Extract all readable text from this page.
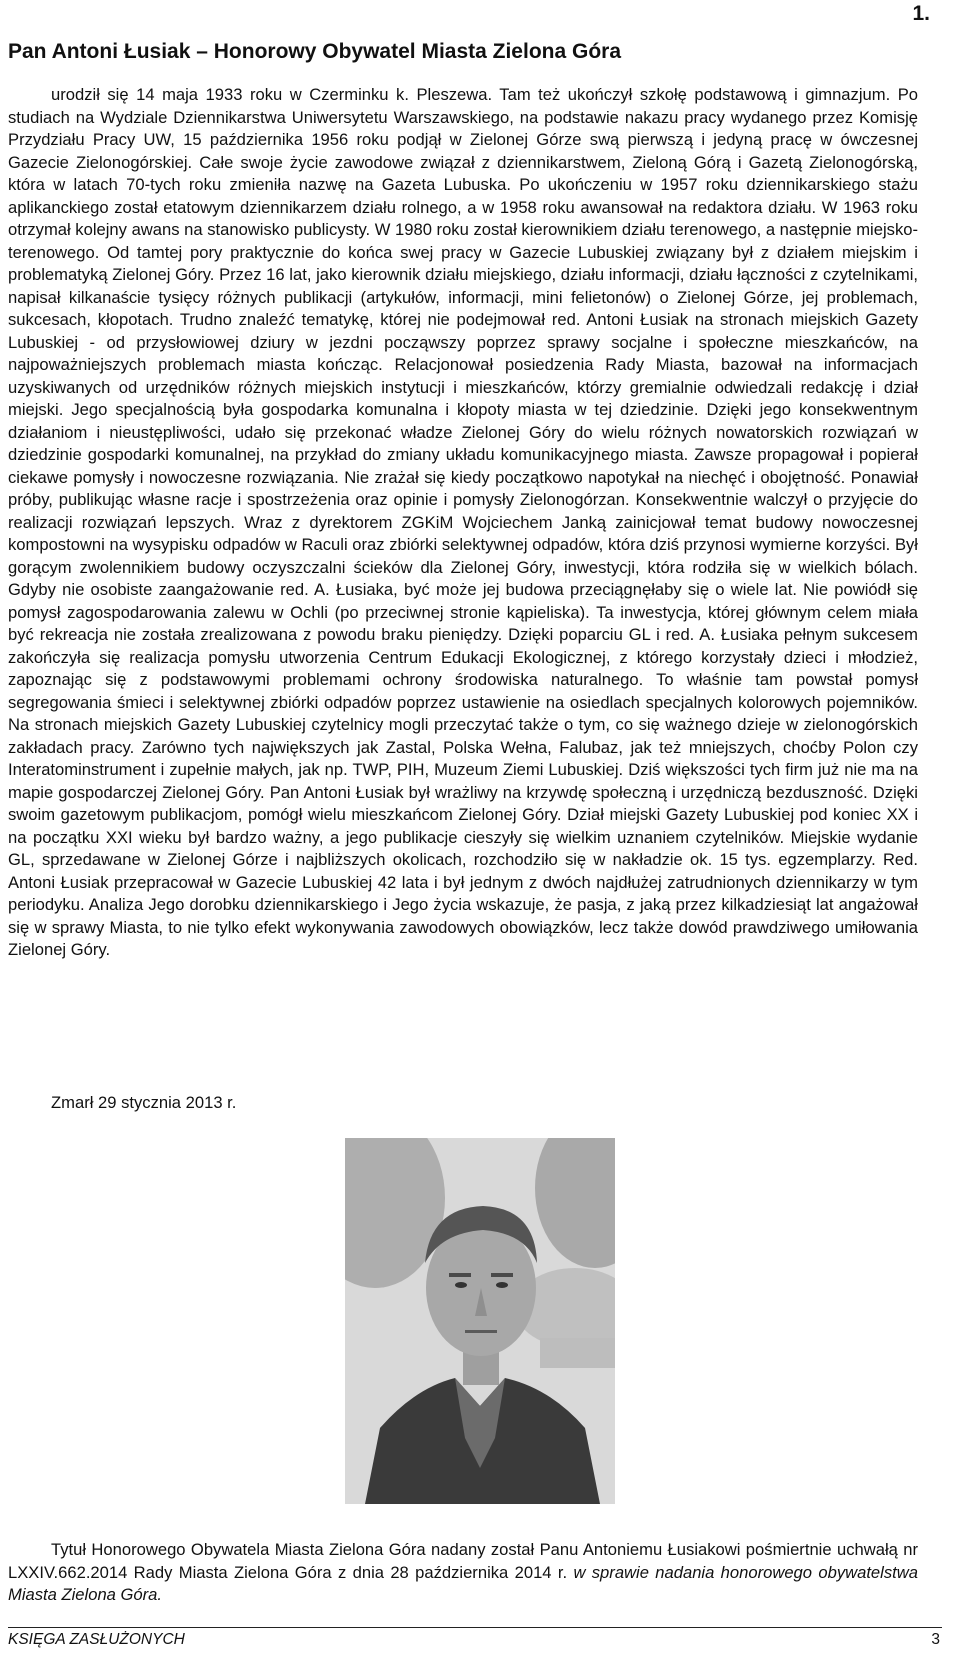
1.
Pan Antoni Łusiak – Honorowy Obywatel Miasta Zielona Góra

urodził się 14 maja 1933 roku w Czerminku k. Pleszewa. Tam też ukończył szkołę podstawową i gimnazjum. Po studiach na Wydziale Dziennikarstwa Uniwersytetu Warszawskiego, na podstawie nakazu pracy wydanego przez Komisję Przydziału Pracy UW, 15 października 1956 roku podjął w Zielonej Górze swą pierwszą i jedyną pracę w ówczesnej Gazecie Zielonogórskiej. Całe swoje życie zawodowe związał z dziennikarstwem, Zieloną Górą i Gazetą Zielonogórską, która w latach 70-tych roku zmieniła nazwę na Gazeta Lubuska. Po ukończeniu w 1957 roku dziennikarskiego stażu aplikanckiego został etatowym dziennikarzem działu rolnego, a w 1958 roku awansował na redaktora działu. W 1963 roku otrzymał kolejny awans na stanowisko publicysty. W 1980 roku został kierownikiem działu terenowego, a następnie miejsko-terenowego. Od tamtej pory praktycznie do końca swej pracy w Gazecie Lubuskiej związany był z działem miejskim i problematyką Zielonej Góry. Przez 16 lat, jako kierownik działu miejskiego, działu informacji, działu łączności z czytelnikami, napisał kilkanaście tysięcy różnych publikacji (artykułów, informacji, mini felietonów) o Zielonej Górze, jej problemach, sukcesach, kłopotach. Trudno znaleźć tematykę, której nie podejmował red. Antoni Łusiak na stronach miejskich Gazety Lubuskiej - od przysłowiowej dziury w jezdni począwszy poprzez sprawy socjalne i społeczne mieszkańców, na najpoważniejszych problemach miasta kończąc. Relacjonował posiedzenia Rady Miasta, bazował na informacjach uzyskiwanych od urzędników różnych miejskich instytucji i mieszkańców, którzy gremialnie odwiedzali redakcję i dział miejski. Jego specjalnością była gospodarka komunalna i kłopoty miasta w tej dziedzinie. Dzięki jego konsekwentnym działaniom i nieustępliwości, udało się przekonać władze Zielonej Góry do wielu różnych nowatorskich rozwiązań w dziedzinie gospodarki komunalnej, na przykład do zmiany układu komunikacyjnego miasta. Zawsze propagował i popierał ciekawe pomysły i nowoczesne rozwiązania. Nie zrażał się kiedy początkowo napotykał na niechęć i obojętność. Ponawiał próby, publikując własne racje i spostrzeżenia oraz opinie i pomysły Zielonogórzan. Konsekwentnie walczył o przyjęcie do realizacji rozwiązań lepszych. Wraz z dyrektorem ZGKiM Wojciechem Janką zainicjował temat budowy nowoczesnej kompostowni na wysypisku odpadów w Raculi oraz zbiórki selektywnej odpadów, która dziś przynosi wymierne korzyści. Był gorącym zwolennikiem budowy oczyszczalni ścieków dla Zielonej Góry, inwestycji, która rodziła się w wielkich bólach. Gdyby nie osobiste zaangażowanie red. A. Łusiaka, być może jej budowa przeciągnęłaby się o wiele lat. Nie powiódł się pomysł zagospodarowania zalewu w Ochli (po przeciwnej stronie kąpieliska). Ta inwestycja, której głównym celem miała być rekreacja nie została zrealizowana z powodu braku pieniędzy. Dzięki poparciu GL i red. A. Łusiaka pełnym sukcesem zakończyła się realizacja pomysłu utworzenia Centrum Edukacji Ekologicznej, z którego korzystały dzieci i młodzież, zapoznając się z podstawowymi problemami ochrony środowiska naturalnego. To właśnie tam powstał pomysł segregowania śmieci i selektywnej zbiórki odpadów poprzez ustawienie na osiedlach specjalnych kolorowych pojemników. Na stronach miejskich Gazety Lubuskiej czytelnicy mogli przeczytać także o tym, co się ważnego dzieje w zielonogórskich zakładach pracy. Zarówno tych największych jak Zastal, Polska Wełna, Falubaz, jak też mniejszych, choćby Polon czy Interatominstrument i zupełnie małych, jak np. TWP, PIH, Muzeum Ziemi Lubuskiej. Dziś większości tych firm już nie ma na mapie gospodarczej Zielonej Góry. Pan Antoni Łusiak był wrażliwy na krzywdę społeczną i urzędniczą bezduszność. Dzięki swoim gazetowym publikacjom, pomógł wielu mieszkańcom Zielonej Góry. Dział miejski Gazety Lubuskiej pod koniec XX i na początku XXI wieku był bardzo ważny, a jego publikacje cieszyły się wielkim uznaniem czytelników. Miejskie wydanie GL, sprzedawane w Zielonej Górze i najbliższych okolicach, rozchodziło się w nakładzie ok. 15 tys. egzemplarzy. Red. Antoni Łusiak przepracował w Gazecie Lubuskiej 42 lata i był jednym z dwóch najdłużej zatrudnionych dziennikarzy w tym periodyku. Analiza Jego dorobku dziennikarskiego i Jego życia wskazuje, że pasja, z jaką przez kilkadziesiąt lat angażował się w sprawy Miasta, to nie tylko efekt wykonywania zawodowych obowiązków, lecz także dowód prawdziwego umiłowania Zielonej Góry.

Zmarł 29 stycznia 2013 r.

Tytuł Honorowego Obywatela Miasta Zielona Góra nadany został Panu Antoniemu Łusiakowi pośmiertnie uchwałą nr LXXIV.662.2014 Rady Miasta Zielona Góra z dnia 28 października 2014 r. w sprawie nadania honorowego obywatelstwa Miasta Zielona Góra.

KSIĘGA ZASŁUŻONYCH	3
